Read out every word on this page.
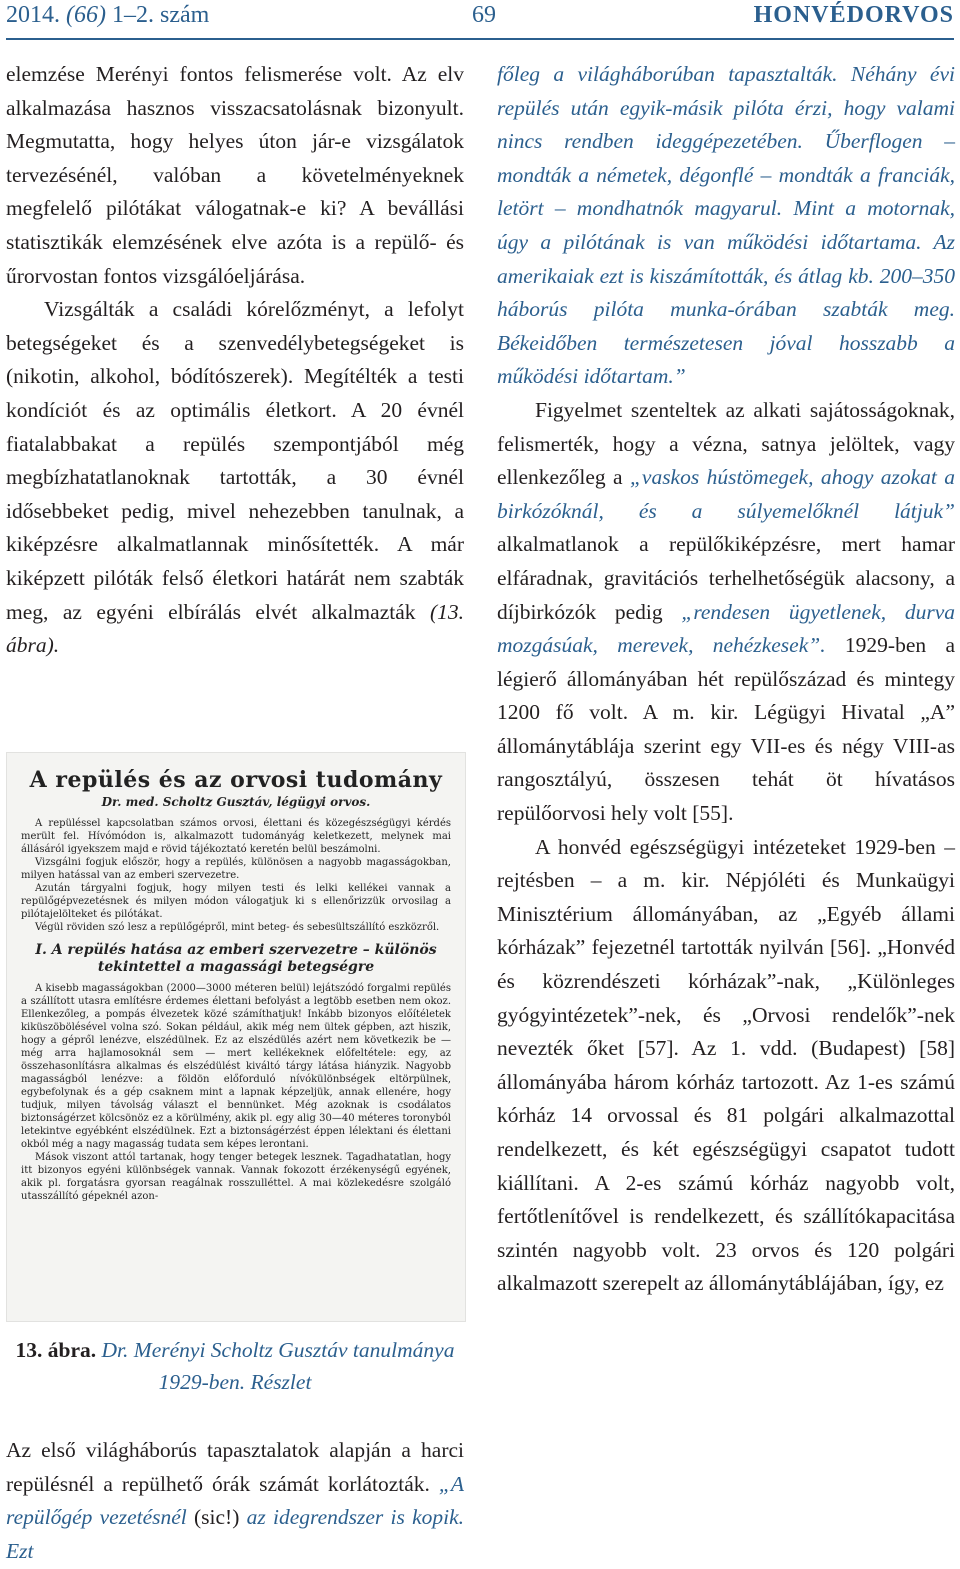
2014. (66) 1–2. szám	69	HONVÉDORVOS

elemzése Merényi fontos felismerése volt. Az elv alkalmazása hasznos visszacsatolásnak bizonyult. Megmutatta, hogy helyes úton jár-e vizsgálatok tervezésénél, valóban a követelményeknek megfelelő pilótákat válogatnak-e ki? A bevállási statisztikák elemzésének elve azóta is a repülő- és űrorvostan fontos vizsgálóeljárása.

Vizsgálták a családi kórelőzményt, a lefolyt betegségeket és a szenvedélybetegségeket is (nikotin, alkohol, bódítószerek). Megítélték a testi kondíciót és az optimális életkort. A 20 évnél fiatalabbakat a repülés szempontjából még megbízhatatlanoknak tartották, a 30 évnél idősebbeket pedig, mivel nehezebben tanulnak, a kiképzésre alkalmatlannak minősítették. A már kiképzett pilóták felső életkori határát nem szabták meg, az egyéni elbírálás elvét alkalmazták (13. ábra).

A repülés és az orvosi tudomány
Dr. med. Scholtz Gusztáv, légügyi orvos.

A repüléssel kapcsolatban számos orvosi, élettani és közegészségügyi kérdés merült fel. Hívómódon is, alkalmazott tudományág keletkezett, melynek mai állásáról igyekszem majd e rövid tájékoztató keretén belül beszámolni.

Vizsgálni fogjuk először, hogy a repülés, különösen a nagyobb magasságokban, milyen hatással van az emberi szervezetre.

Azután tárgyalni fogjuk, hogy milyen testi és lelki kellékei vannak a repülőgépvezetésnek és milyen módon válogatjuk ki s ellenőrizzük orvosilag a pilótajelölteket és pilótákat.

Végül röviden szó lesz a repülőgépről, mint beteg- és sebesültszállító eszközről.

I. A repülés hatása az emberi szervezetre – különös tekintettel a magassági betegségre

A kisebb magasságokban (2000—3000 méteren belül) lejátszódó forgalmi repülés a szállított utasra említésre érdemes élettani befolyást a legtöbb esetben nem okoz. Ellenkezőleg, a pompás élvezetek közé számíthatjuk! Inkább bizonyos előítéletek kiküszöbölésével volna szó. Sokan például, akik még nem ültek gépben, azt hiszik, hogy a gépről lenézve, elszédülnek. Ez az elszédülés azért nem következik be — még arra hajlamosoknál sem — mert kellékeknek előfeltétele: egy, az összehasonlításra alkalmas és elszédülést kiváltó tárgy látása hiányzik. Nagyobb magasságból lenézve: a földön előforduló nívókülönbségek eltörpülnek, egybefolynak és a gép csaknem mint a lapnak képzeljük, annak ellenére, hogy tudjuk, milyen távolság választ el bennünket. Még azoknak is csodálatos biztonságérzet kölcsönöz ez a körülmény, akik pl. egy alig 30—40 méteres toronyból letekintve egyébként elszédülnek. Ezt a biztonságérzést éppen lélektani és élettani okból még a nagy magasság tudata sem képes lerontani.

Mások viszont attól tartanak, hogy tenger betegek lesznek. Tagadhatatlan, hogy itt bizonyos egyéni különbségek vannak. Vannak fokozott érzékenységű egyének, akik pl. forgatásra gyorsan reagálnak rosszulléttel. A mai közlekedésre szolgáló utasszállító gépeknél azon-

13. ábra. Dr. Merényi Scholtz Gusztáv tanulmánya 1929-ben. Részlet

Az első világháborús tapasztalatok alapján a harci repülésnél a repülhető órák számát korlátozták. „A repülőgép vezetésnél (sic!) az idegrendszer is kopik. Ezt

főleg a világháborúban tapasztalták. Néhány évi repülés után egyik-másik pilóta érzi, hogy valami nincs rendben ideggépezetében. Űberflogen – mondták a németek, dégonflé – mondták a franciák, letört – mondhatnók magyarul. Mint a motornak, úgy a pilótának is van működési időtartama. Az amerikaiak ezt is kiszámították, és átlag kb. 200–350 háborús pilóta munka-órában szabták meg. Békeidőben természetesen jóval hosszabb a működési időtartam.”

Figyelmet szenteltek az alkati sajátosságoknak, felismerték, hogy a vézna, satnya jelöltek, vagy ellenkezőleg a „vaskos hústömegek, ahogy azokat a birkózóknál, és a súlyemelőknél látjuk” alkalmatlanok a repülőkiképzésre, mert hamar elfáradnak, gravitációs terhelhetőségük alacsony, a díjbirkózók pedig „rendesen ügyetlenek, durva mozgásúak, merevek, nehézkesek”. 1929-ben a légierő állományában hét repülőszázad és mintegy 1200 fő volt. A m. kir. Légügyi Hivatal „A” állománytáblája szerint egy VII-es és négy VIII-as rangosztályú, összesen tehát öt hívatásos repülőorvosi hely volt [55].

A honvéd egészségügyi intézeteket 1929-ben – rejtésben – a m. kir. Népjóléti és Munkaügyi Minisztérium állományában, az „Egyéb állami kórházak” fejezetnél tartották nyilván [56]. „Honvéd és közrendészeti kórházak”-nak, „Különleges gyógyintézetek”-nek, és „Orvosi rendelők”-nek nevezték őket [57]. Az 1. vdd. (Budapest) [58] állományába három kórház tartozott. Az 1-es számú kórház 14 orvossal és 81 polgári alkalmazottal rendelkezett, és két egészségügyi csapatot tudott kiállítani. A 2-es számú kórház nagyobb volt, fertőtlenítővel is rendelkezett, és szállítókapacitása szintén nagyobb volt. 23 orvos és 120 polgári alkalmazott szerepelt az állománytáblájában, így, ez
